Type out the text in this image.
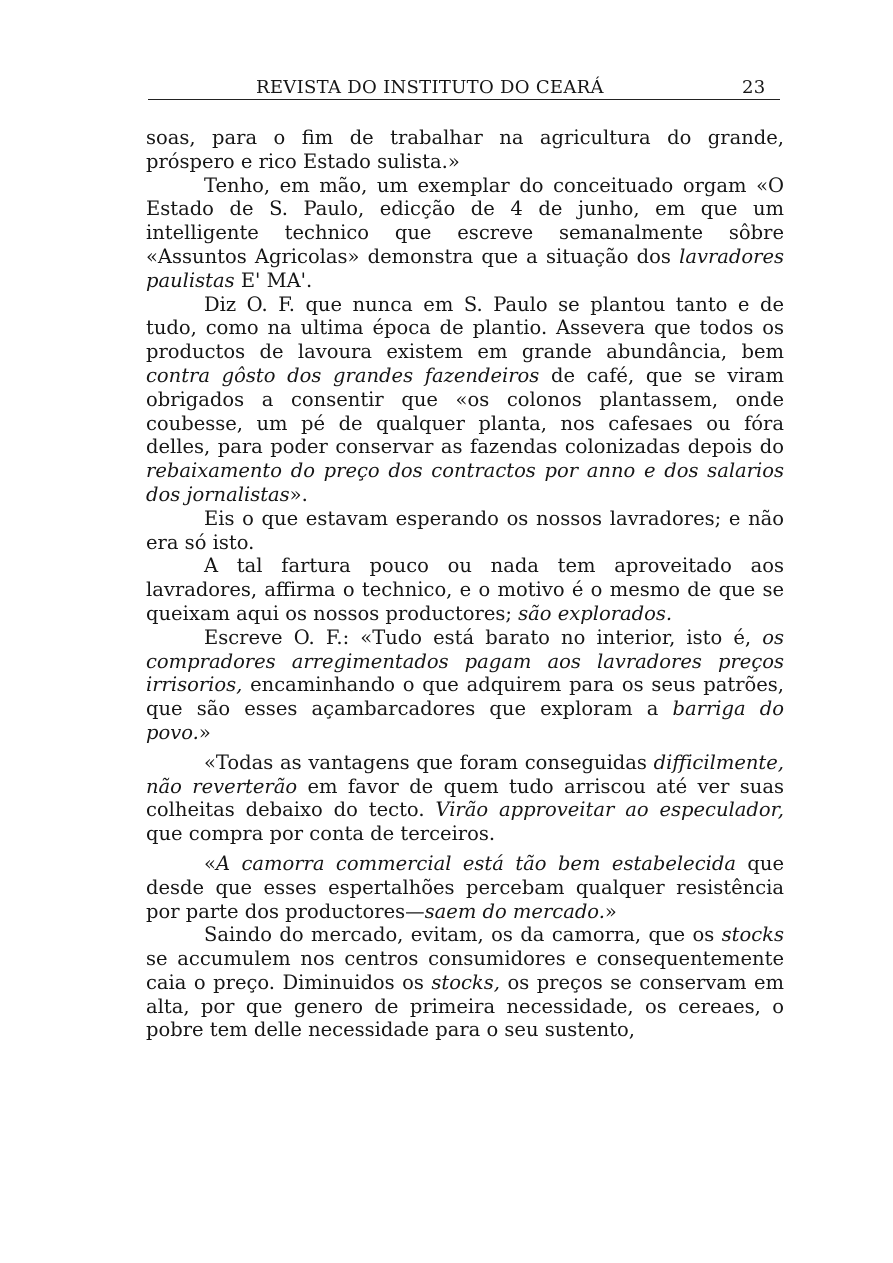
REVISTA DO INSTITUTO DO CEARÁ	23

soas, para o fim de trabalhar na agricultura do grande, próspero e rico Estado sulista.»

Tenho, em mão, um exemplar do conceituado orgam «O Estado de S. Paulo, edicção de 4 de junho, em que um intelligente technico que escreve semanalmente sôbre «Assuntos Agricolas» demonstra que a situação dos lavradores paulistas E' MA'.

Diz O. F. que nunca em S. Paulo se plantou tanto e de tudo, como na ultima época de plantio. Assevera que todos os productos de lavoura existem em grande abundância, bem contra gôsto dos grandes fazendeiros de café, que se viram obrigados a consentir que «os colonos plantassem, onde coubesse, um pé de qualquer planta, nos cafesaes ou fóra delles, para poder conservar as fazendas colonizadas depois do rebaixamento do preço dos contractos por anno e dos salarios dos jornalistas».

Eis o que estavam esperando os nossos lavradores; e não era só isto.

A tal fartura pouco ou nada tem aproveitado aos lavradores, affirma o technico, e o motivo é o mesmo de que se queixam aqui os nossos productores; são explorados.

Escreve O. F.: «Tudo está barato no interior, isto é, os compradores arregimentados pagam aos lavradores preços irrisorios, encaminhando o que adquirem para os seus patrões, que são esses açambarcadores que exploram a barriga do povo.»

«Todas as vantagens que foram conseguidas difficilmente, não reverterão em favor de quem tudo arriscou até ver suas colheitas debaixo do tecto. Virão approveitar ao especulador, que compra por conta de terceiros.

«A camorra commercial está tão bem estabelecida que desde que esses espertalhões percebam qualquer resistência por parte dos productores—saem do mercado.»

Saindo do mercado, evitam, os da camorra, que os stocks se accumulem nos centros consumidores e consequentemente caia o preço. Diminuidos os stocks, os preços se conservam em alta, por que genero de primeira necessidade, os cereaes, o pobre tem delle necessidade para o seu sustento,
